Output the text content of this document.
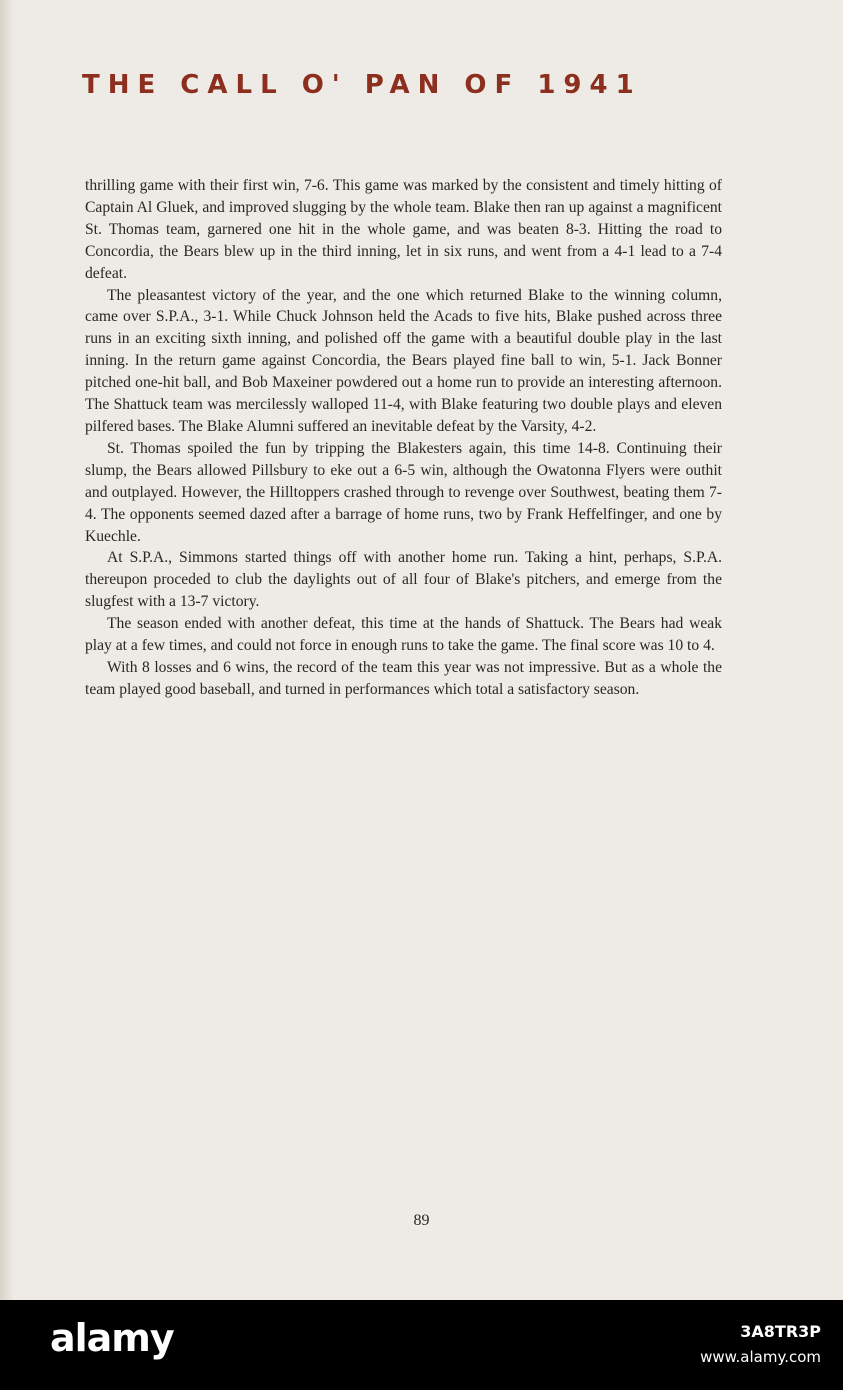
THE CALL O' PAN OF 1941

thrilling game with their first win, 7-6. This game was marked by the consistent and timely hitting of Captain Al Gluek, and improved slugging by the whole team. Blake then ran up against a magnificent St. Thomas team, garnered one hit in the whole game, and was beaten 8-3. Hitting the road to Concordia, the Bears blew up in the third inning, let in six runs, and went from a 4-1 lead to a 7-4 defeat.

The pleasantest victory of the year, and the one which returned Blake to the winning column, came over S.P.A., 3-1. While Chuck Johnson held the Acads to five hits, Blake pushed across three runs in an exciting sixth inning, and polished off the game with a beautiful double play in the last inning. In the return game against Concordia, the Bears played fine ball to win, 5-1. Jack Bonner pitched one-hit ball, and Bob Maxeiner powdered out a home run to provide an interesting afternoon. The Shattuck team was mercilessly walloped 11-4, with Blake featuring two double plays and eleven pilfered bases. The Blake Alumni suffered an inevitable defeat by the Varsity, 4-2.

St. Thomas spoiled the fun by tripping the Blakesters again, this time 14-8. Continuing their slump, the Bears allowed Pillsbury to eke out a 6-5 win, although the Owatonna Flyers were outhit and outplayed. However, the Hilltoppers crashed through to revenge over Southwest, beating them 7-4. The opponents seemed dazed after a barrage of home runs, two by Frank Heffelfinger, and one by Kuechle.

At S.P.A., Simmons started things off with another home run. Taking a hint, perhaps, S.P.A. thereupon proceded to club the daylights out of all four of Blake's pitchers, and emerge from the slugfest with a 13-7 victory.

The season ended with another defeat, this time at the hands of Shattuck. The Bears had weak play at a few times, and could not force in enough runs to take the game. The final score was 10 to 4.

With 8 losses and 6 wins, the record of the team this year was not impressive. But as a whole the team played good baseball, and turned in performances which total a satisfactory season.

89
alamy	3A8TR3P
www.alamy.com
